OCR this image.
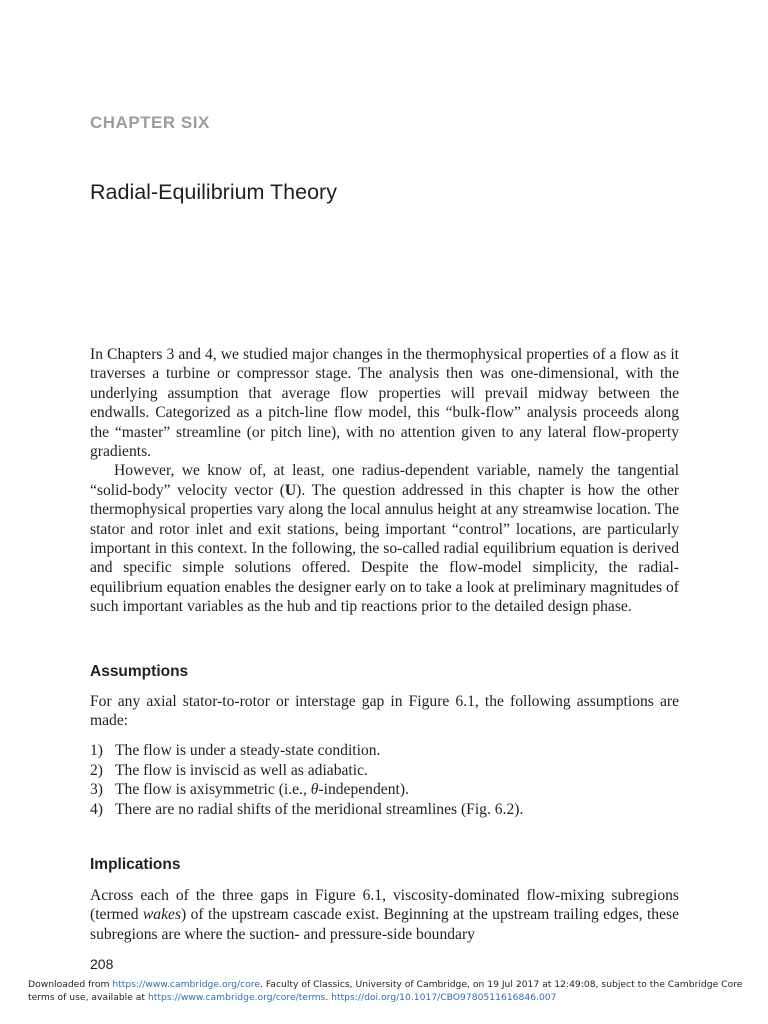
CHAPTER SIX
Radial-Equilibrium Theory

In Chapters 3 and 4, we studied major changes in the thermophysical properties of a flow as it traverses a turbine or compressor stage. The analysis then was one-dimensional, with the underlying assumption that average flow properties will prevail midway between the endwalls. Categorized as a pitch-line flow model, this “bulk-flow” analysis proceeds along the “master” streamline (or pitch line), with no attention given to any lateral flow-property gradients.

However, we know of, at least, one radius-dependent variable, namely the tangential “solid-body” velocity vector (U). The question addressed in this chapter is how the other thermophysical properties vary along the local annulus height at any streamwise location. The stator and rotor inlet and exit stations, being important “control” locations, are particularly important in this context. In the following, the so-called radial equilibrium equation is derived and specific simple solutions offered. Despite the flow-model simplicity, the radial-equilibrium equation enables the designer early on to take a look at preliminary magnitudes of such important variables as the hub and tip reactions prior to the detailed design phase.

Assumptions

For any axial stator-to-rotor or interstage gap in Figure 6.1, the following assumptions are made:

1) The flow is under a steady-state condition.
2) The flow is inviscid as well as adiabatic.
3) The flow is axisymmetric (i.e., θ-independent).
4) There are no radial shifts of the meridional streamlines (Fig. 6.2).
Implications

Across each of the three gaps in Figure 6.1, viscosity-dominated flow-mixing subregions (termed wakes) of the upstream cascade exist. Beginning at the upstream trailing edges, these subregions are where the suction- and pressure-side boundary

208
Downloaded from https://www.cambridge.org/core. Faculty of Classics, University of Cambridge, on 19 Jul 2017 at 12:49:08, subject to the Cambridge Core terms of use, available at https://www.cambridge.org/core/terms. https://doi.org/10.1017/CBO9780511616846.007
